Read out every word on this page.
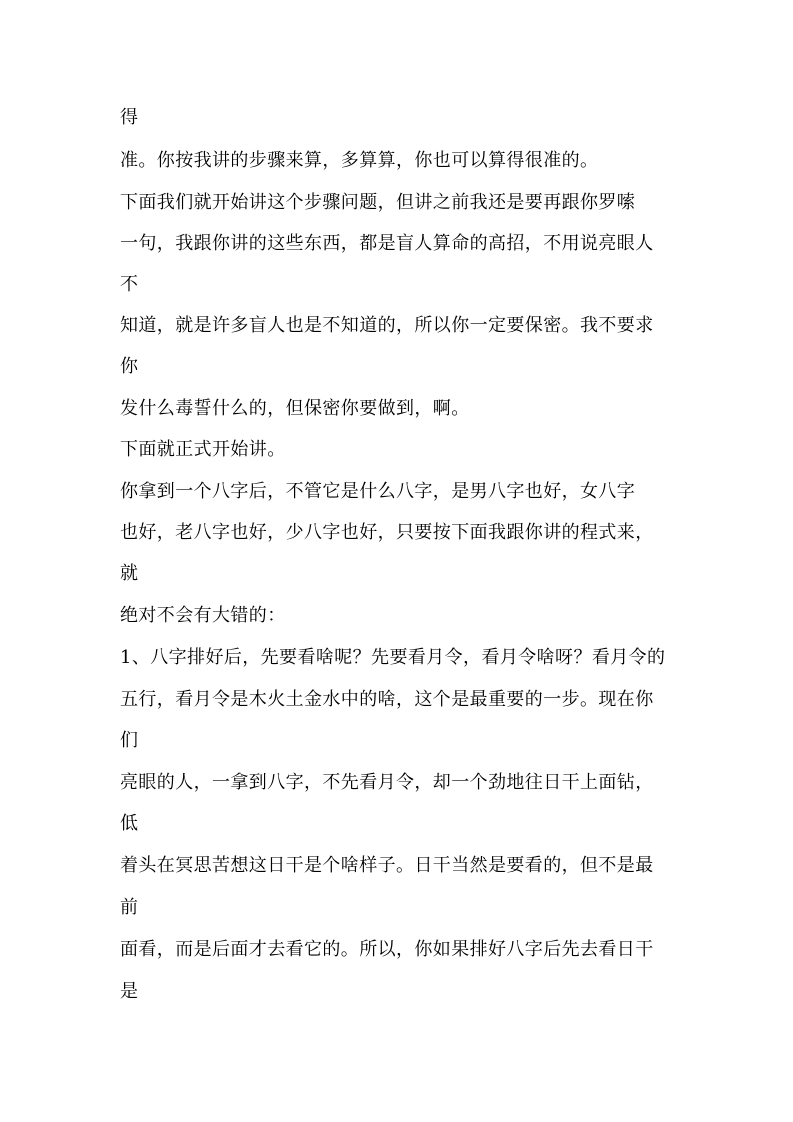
得
准。你按我讲的步骤来算，多算算，你也可以算得很准的。
下面我们就开始讲这个步骤问题，但讲之前我还是要再跟你罗嗦
一句，我跟你讲的这些东西，都是盲人算命的高招，不用说亮眼人
不
知道，就是许多盲人也是不知道的，所以你一定要保密。我不要求
你
发什么毒誓什么的，但保密你要做到，啊。
下面就正式开始讲。
你拿到一个八字后，不管它是什么八字，是男八字也好，女八字
也好，老八字也好，少八字也好，只要按下面我跟你讲的程式来，
就
绝对不会有大错的：
1、八字排好后，先要看啥呢？先要看月令，看月令啥呀？看月令的
五行，看月令是木火土金水中的啥，这个是最重要的一步。现在你
们
亮眼的人，一拿到八字，不先看月令，却一个劲地往日干上面钻，
低
着头在冥思苦想这日干是个啥样子。日干当然是要看的，但不是最
前
面看，而是后面才去看它的。所以，你如果排好八字后先去看日干
是
